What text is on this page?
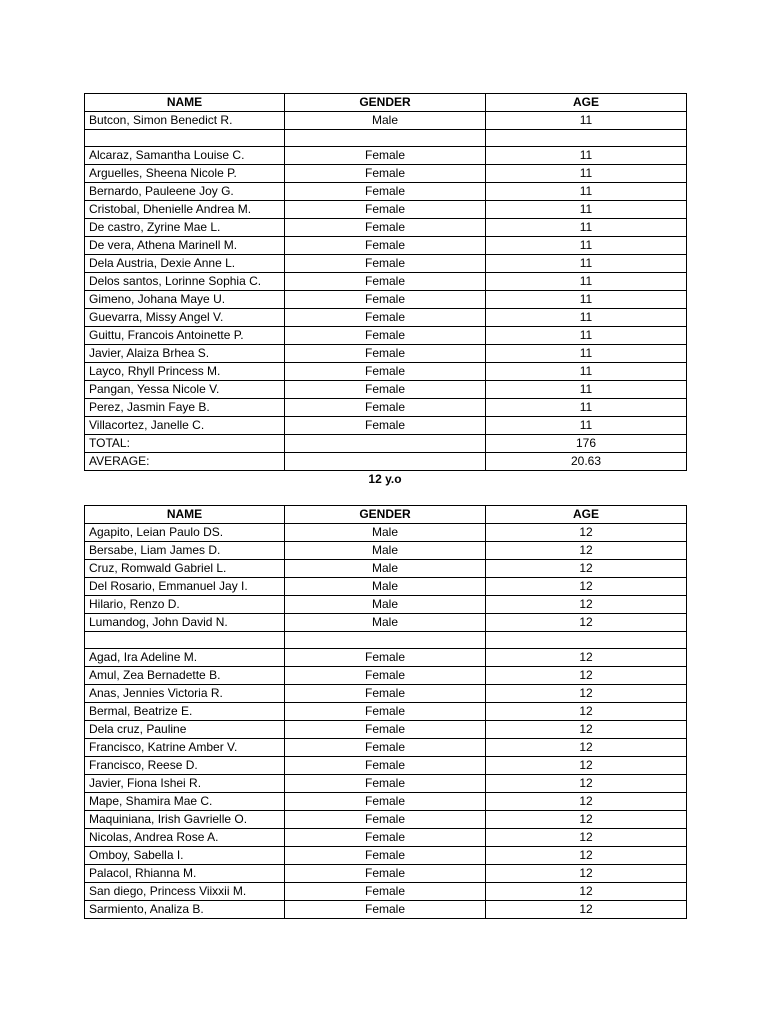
NAME	GENDER	AGE
Butcon, Simon Benedict R.	Male	11

Alcaraz, Samantha Louise C.	Female	11
Arguelles, Sheena Nicole P.	Female	11
Bernardo, Pauleene Joy G.	Female	11
Cristobal, Dhenielle Andrea M.	Female	11
De castro, Zyrine Mae L.	Female	11
De vera, Athena Marinell M.	Female	11
Dela Austria, Dexie Anne L.	Female	11
Delos santos, Lorinne Sophia C.	Female	11
Gimeno, Johana Maye U.	Female	11
Guevarra, Missy Angel V.	Female	11
Guittu, Francois Antoinette P.	Female	11
Javier, Alaiza Brhea S.	Female	11
Layco, Rhyll Princess M.	Female	11
Pangan, Yessa Nicole V.	Female	11
Perez, Jasmin Faye B.	Female	11
Villacortez, Janelle C.	Female	11
TOTAL:		176
AVERAGE:		20.63
12 y.o
NAME	GENDER	AGE
Agapito, Leian Paulo DS.	Male	12
Bersabe, Liam James D.	Male	12
Cruz, Romwald Gabriel L.	Male	12
Del Rosario, Emmanuel Jay I.	Male	12
Hilario, Renzo D.	Male	12
Lumandog, John David N.	Male	12

Agad, Ira Adeline M.	Female	12
Amul, Zea Bernadette B.	Female	12
Anas, Jennies Victoria R.	Female	12
Bermal, Beatrize E.	Female	12
Dela cruz, Pauline	Female	12
Francisco, Katrine Amber V.	Female	12
Francisco, Reese D.	Female	12
Javier, Fiona Ishei R.	Female	12
Mape, Shamira Mae C.	Female	12
Maquiniana, Irish Gavrielle O.	Female	12
Nicolas, Andrea Rose A.	Female	12
Omboy, Sabella I.	Female	12
Palacol, Rhianna M.	Female	12
San diego, Princess Viixxii M.	Female	12
Sarmiento, Analiza B.	Female	12
